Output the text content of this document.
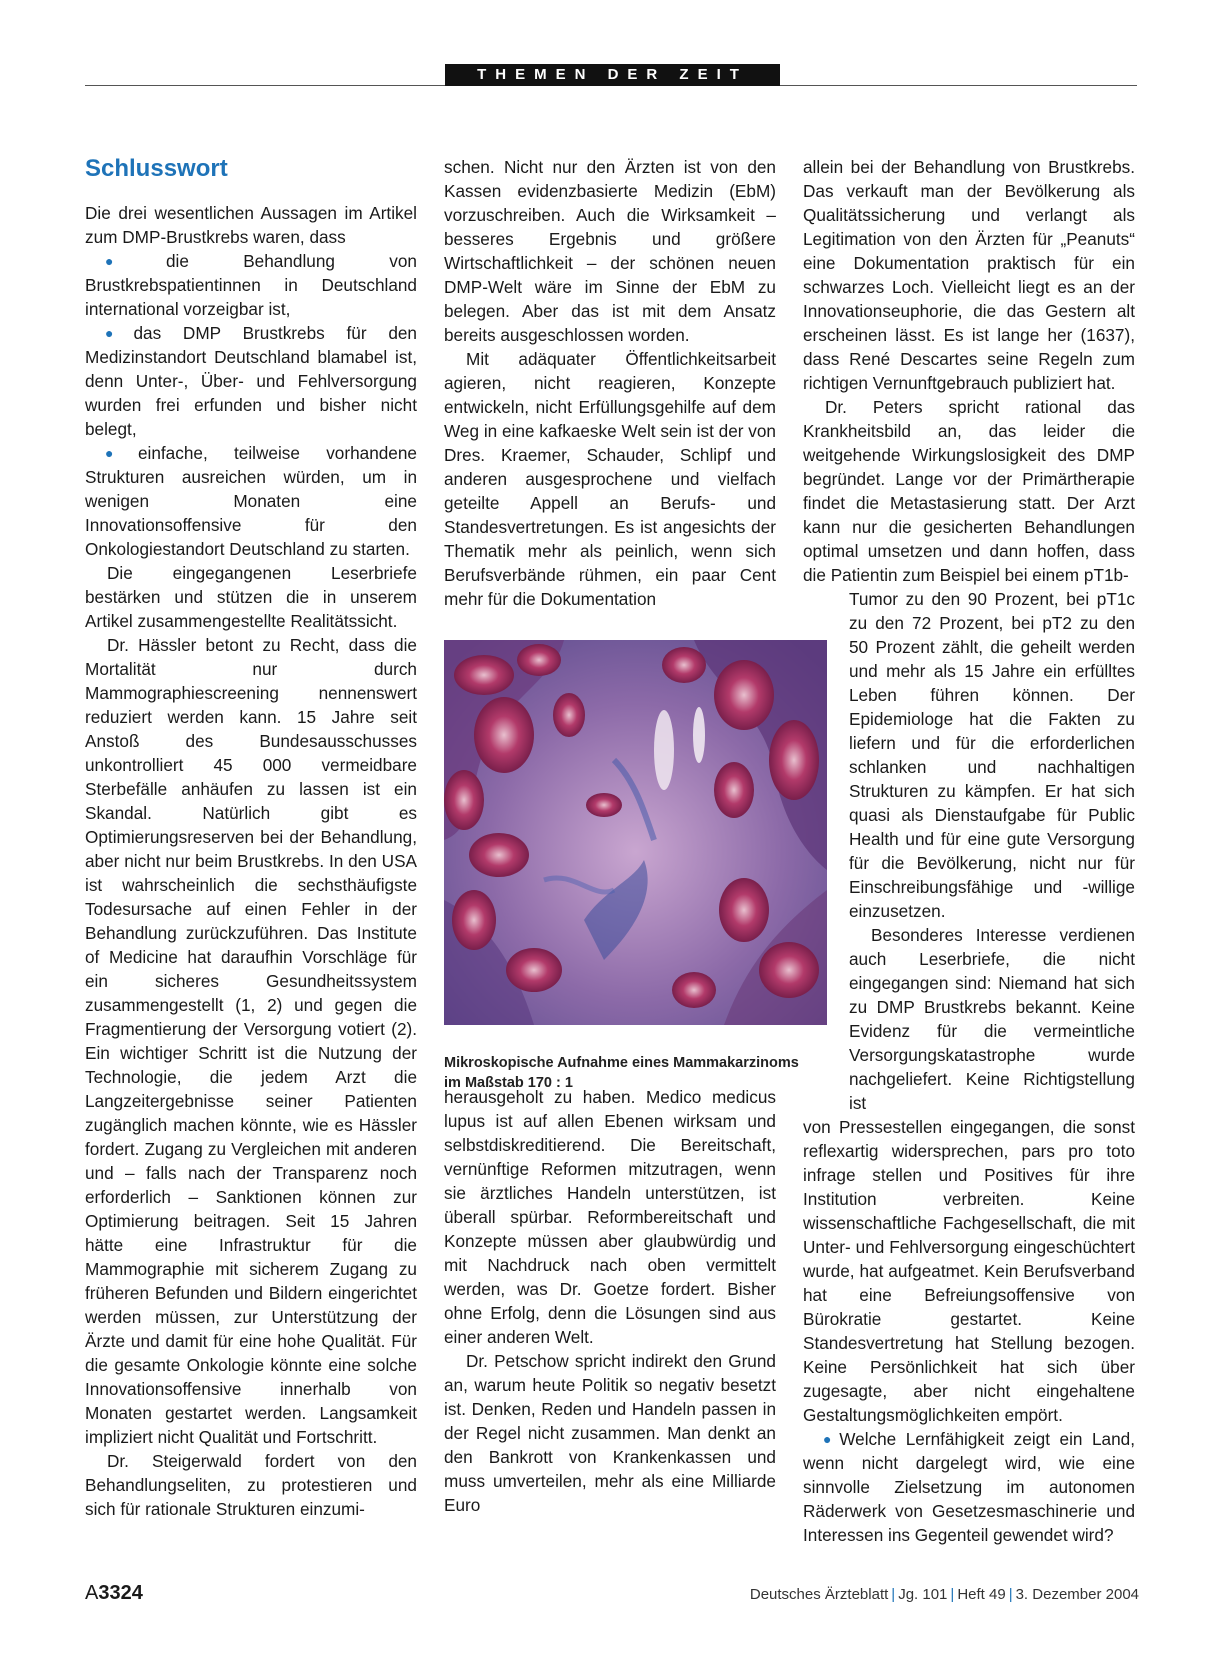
THEMEN DER ZEIT
Schlusswort

Die drei wesentlichen Aussagen im Artikel zum DMP-Brustkrebs waren, dass

● die Behandlung von Brustkrebspatientinnen in Deutschland international vorzeigbar ist,

● das DMP Brustkrebs für den Medizinstandort Deutschland blamabel ist, denn Unter-, Über- und Fehlversorgung wurden frei erfunden und bisher nicht belegt,

● einfache, teilweise vorhandene Strukturen ausreichen würden, um in wenigen Monaten eine Innovationsoffensive für den Onkologiestandort Deutschland zu starten.

Die eingegangenen Leserbriefe bestärken und stützen die in unserem Artikel zusammengestellte Realitätssicht.

Dr. Hässler betont zu Recht, dass die Mortalität nur durch Mammographiescreening nennenswert reduziert werden kann. 15 Jahre seit Anstoß des Bundesausschusses unkontrolliert 45 000 vermeidbare Sterbefälle anhäufen zu lassen ist ein Skandal. Natürlich gibt es Optimierungsreserven bei der Behandlung, aber nicht nur beim Brustkrebs. In den USA ist wahrscheinlich die sechsthäufigste Todesursache auf einen Fehler in der Behandlung zurückzuführen. Das Institute of Medicine hat daraufhin Vorschläge für ein sicheres Gesundheitssystem zusammengestellt (1, 2) und gegen die Fragmentierung der Versorgung votiert (2). Ein wichtiger Schritt ist die Nutzung der Technologie, die jedem Arzt die Langzeitergebnisse seiner Patienten zugänglich machen könnte, wie es Hässler fordert. Zugang zu Vergleichen mit anderen und – falls nach der Transparenz noch erforderlich – Sanktionen können zur Optimierung beitragen. Seit 15 Jahren hätte eine Infrastruktur für die Mammographie mit sicherem Zugang zu früheren Befunden und Bildern eingerichtet werden müssen, zur Unterstützung der Ärzte und damit für eine hohe Qualität. Für die gesamte Onkologie könnte eine solche Innovationsoffensive innerhalb von Monaten gestartet werden. Langsamkeit impliziert nicht Qualität und Fortschritt.

Dr. Steigerwald fordert von den Behandlungseliten, zu protestieren und sich für rationale Strukturen einzumi-

schen. Nicht nur den Ärzten ist von den Kassen evidenzbasierte Medizin (EbM) vorzuschreiben. Auch die Wirksamkeit – besseres Ergebnis und größere Wirtschaftlichkeit – der schönen neuen DMP-Welt wäre im Sinne der EbM zu belegen. Aber das ist mit dem Ansatz bereits ausgeschlossen worden.

Mit adäquater Öffentlichkeitsarbeit agieren, nicht reagieren, Konzepte entwickeln, nicht Erfüllungsgehilfe auf dem Weg in eine kafkaeske Welt sein ist der von Dres. Kraemer, Schauder, Schlipf und anderen ausgesprochene und vielfach geteilte Appell an Berufs- und Standesvertretungen. Es ist angesichts der Thematik mehr als peinlich, wenn sich Berufsverbände rühmen, ein paar Cent mehr für die Dokumentation

Mikroskopische Aufnahme eines Mammakarzinoms
im Maßstab 170 : 1

herausgeholt zu haben. Medico medicus lupus ist auf allen Ebenen wirksam und selbstdiskreditierend. Die Bereitschaft, vernünftige Reformen mitzutragen, wenn sie ärztliches Handeln unterstützen, ist überall spürbar. Reformbereitschaft und Konzepte müssen aber glaubwürdig und mit Nachdruck nach oben vermittelt werden, was Dr. Goetze fordert. Bisher ohne Erfolg, denn die Lösungen sind aus einer anderen Welt.

Dr. Petschow spricht indirekt den Grund an, warum heute Politik so negativ besetzt ist. Denken, Reden und Handeln passen in der Regel nicht zusammen. Man denkt an den Bankrott von Krankenkassen und muss umverteilen, mehr als eine Milliarde Euro

allein bei der Behandlung von Brustkrebs. Das verkauft man der Bevölkerung als Qualitätssicherung und verlangt als Legitimation von den Ärzten für „Peanuts“ eine Dokumentation praktisch für ein schwarzes Loch. Vielleicht liegt es an der Innovationseuphorie, die das Gestern alt erscheinen lässt. Es ist lange her (1637), dass René Descartes seine Regeln zum richtigen Vernunftgebrauch publiziert hat.

Dr. Peters spricht rational das Krankheitsbild an, das leider die weitgehende Wirkungslosigkeit des DMP begründet. Lange vor der Primärtherapie findet die Metastasierung statt. Der Arzt kann nur die gesicherten Behandlungen optimal umsetzen und dann hoffen, dass die Patientin zum Beispiel bei einem pT1b-

Tumor zu den 90 Prozent, bei pT1c zu den 72 Prozent, bei pT2 zu den 50 Prozent zählt, die geheilt werden und mehr als 15 Jahre ein erfülltes Leben führen können. Der Epidemiologe hat die Fakten zu liefern und für die erforderlichen schlanken und nachhaltigen Strukturen zu kämpfen. Er hat sich quasi als Dienstaufgabe für Public Health und für eine gute Versorgung für die Bevölkerung, nicht nur für Einschreibungsfähige und -willige einzusetzen.

Besonderes Interesse verdienen auch Leserbriefe, die nicht eingegangen sind: Niemand hat sich zu DMP Brustkrebs bekannt. Keine Evidenz für die vermeintliche Versorgungskatastrophe wurde nachgeliefert. Keine Richtigstellung ist

von Pressestellen eingegangen, die sonst reflexartig widersprechen, pars pro toto infrage stellen und Positives für ihre Institution verbreiten. Keine wissenschaftliche Fachgesellschaft, die mit Unter- und Fehlversorgung eingeschüchtert wurde, hat aufgeatmet. Kein Berufsverband hat eine Befreiungsoffensive von Bürokratie gestartet. Keine Standesvertretung hat Stellung bezogen. Keine Persönlichkeit hat sich über zugesagte, aber nicht eingehaltene Gestaltungsmöglichkeiten empört.

● Welche Lernfähigkeit zeigt ein Land, wenn nicht dargelegt wird, wie eine sinnvolle Zielsetzung im autonomen Räderwerk von Gesetzesmaschinerie und Interessen ins Gegenteil gewendet wird?

A3324	Deutsches Ärzteblatt | Jg. 101 | Heft 49 | 3. Dezember 2004
